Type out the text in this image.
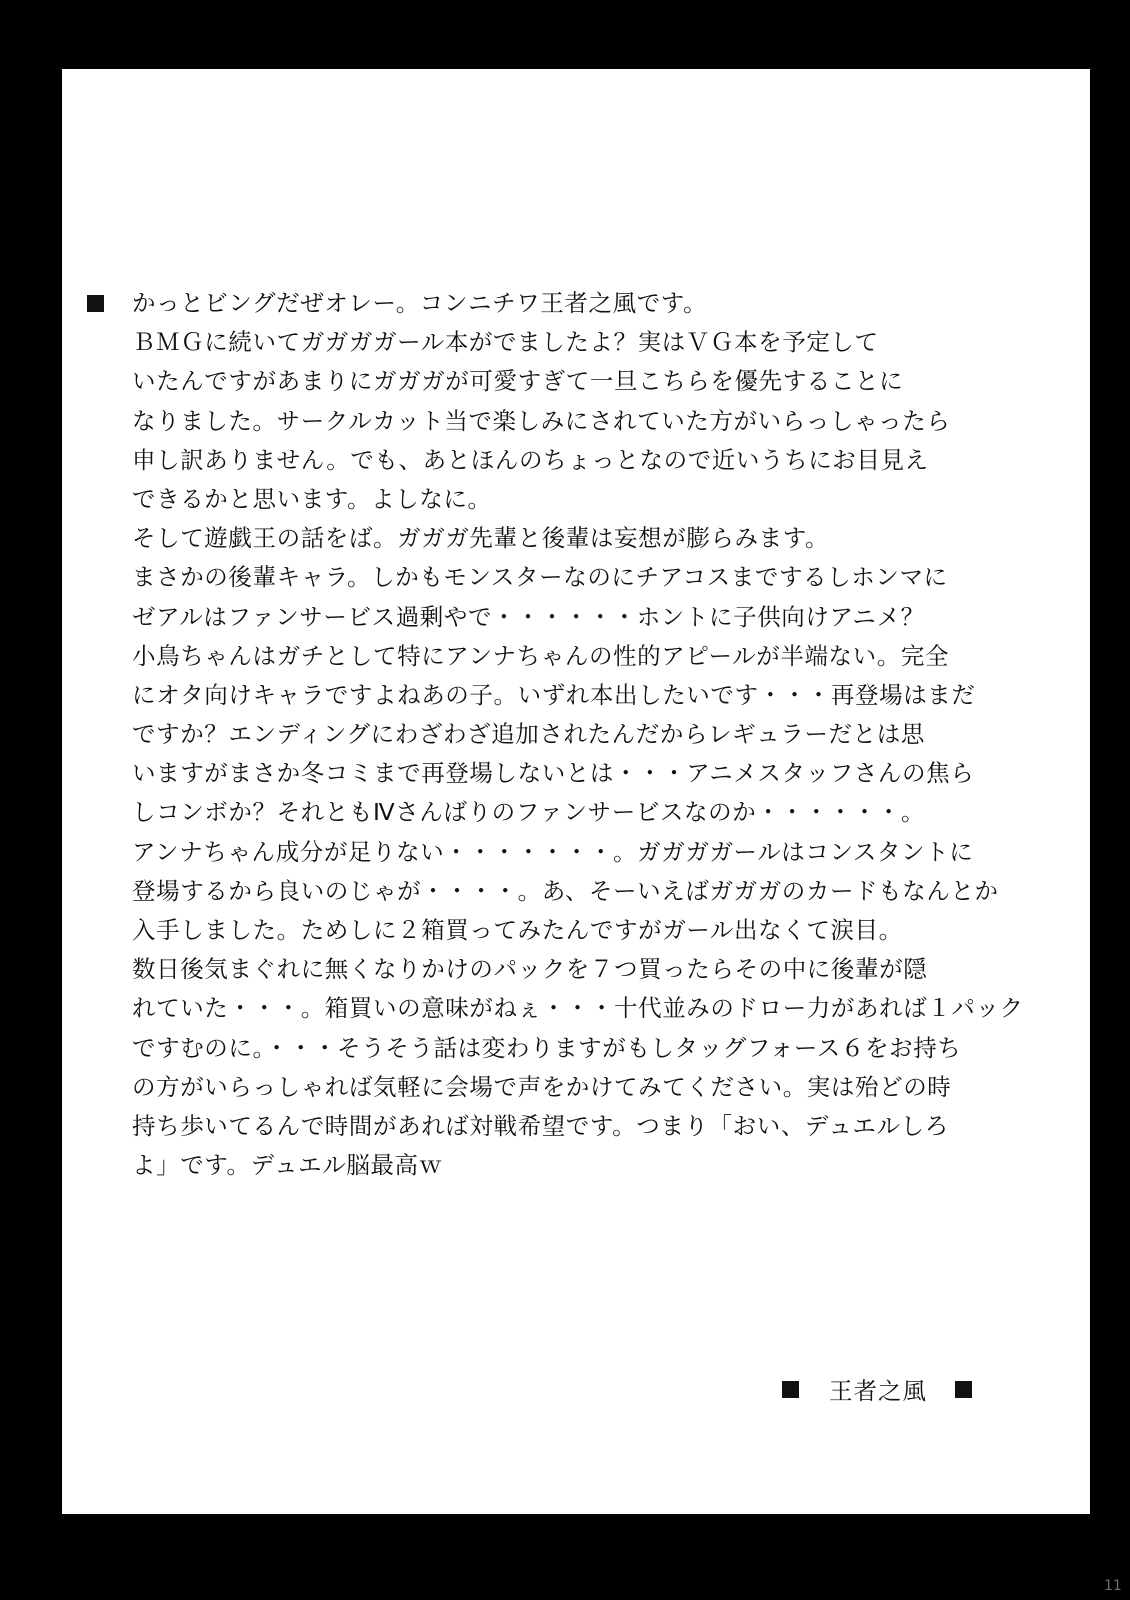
かっとビングだぜオレー。コンニチワ王者之風です。
ＢＭＧに続いてガガガガール本がでましたよ？実はＶＧ本を予定して
いたんですがあまりにガガガが可愛すぎて一旦こちらを優先することに
なりました。サークルカット当で楽しみにされていた方がいらっしゃったら
申し訳ありません。でも、あとほんのちょっとなので近いうちにお目見え
できるかと思います。よしなに。
そして遊戯王の話をば。ガガガ先輩と後輩は妄想が膨らみます。
まさかの後輩キャラ。しかもモンスターなのにチアコスまでするしホンマに
ゼアルはファンサービス過剰やで・・・・・・ホントに子供向けアニメ？
小鳥ちゃんはガチとして特にアンナちゃんの性的アピールが半端ない。完全
にオタ向けキャラですよねあの子。いずれ本出したいです・・・再登場はまだ
ですか？エンディングにわざわざ追加されたんだからレギュラーだとは思
いますがまさか冬コミまで再登場しないとは・・・アニメスタッフさんの焦ら
しコンボか？それともⅣさんばりのファンサービスなのか・・・・・・。
アンナちゃん成分が足りない・・・・・・・。ガガガガールはコンスタントに
登場するから良いのじゃが・・・・。あ、そーいえばガガガのカードもなんとか
入手しました。ためしに２箱買ってみたんですがガール出なくて涙目。
数日後気まぐれに無くなりかけのパックを７つ買ったらその中に後輩が隠
れていた・・・。箱買いの意味がねぇ・・・十代並みのドロー力があれば１パック
ですむのに。・・・そうそう話は変わりますがもしタッグフォース６をお持ち
の方がいらっしゃれば気軽に会場で声をかけてみてください。実は殆どの時
持ち歩いてるんで時間があれば対戦希望です。つまり「おい、デュエルしろ
よ」です。デュエル脳最高ｗ
王者之風
11
